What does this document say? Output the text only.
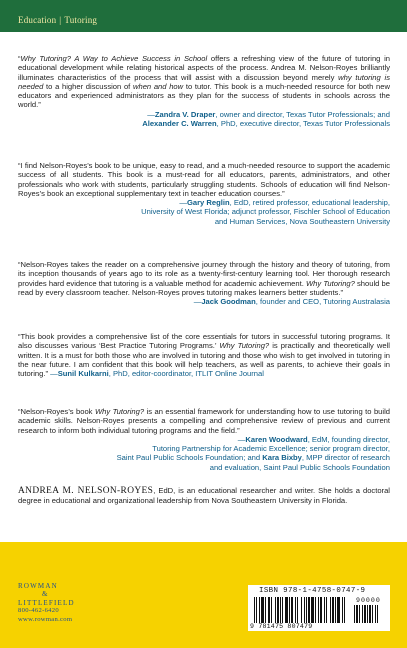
Education | Tutoring

“Why Tutoring? A Way to Achieve Success in School offers a refreshing view of the future of tutoring in educational development while relating historical aspects of the process. Andrea M. Nelson-Royes brilliantly illuminates characteristics of the process that will assist with a discussion beyond merely why tutoring is needed to a higher discussion of when and how to tutor. This book is a much-needed resource for both new educators and experienced administrators as they plan for the success of students in schools across the world.”

—Zandra V. Draper, owner and director, Texas Tutor Professionals; and
Alexander C. Warren, PhD, executive director, Texas Tutor Professionals

“I find Nelson-Royes’s book to be unique, easy to read, and a much-needed resource to support the academic success of all students. This book is a must-read for all educators, parents, administrators, and other professionals who work with students, particularly struggling students. Schools of education will find Nelson-Royes’s book an exceptional supplementary text in teacher education courses.”

—Gary Reglin, EdD, retired professor, educational leadership,
University of West Florida; adjunct professor, Fischler School of Education
and Human Services, Nova Southeastern University

“Nelson-Royes takes the reader on a comprehensive journey through the history and theory of tutoring, from its inception thousands of years ago to its role as a twenty-first-century learning tool. Her thorough research provides hard evidence that tutoring is a valuable method for academic achievement. Why Tutoring? should be read by every classroom teacher. Nelson-Royes proves tutoring makes learners better students.”

—Jack Goodman, founder and CEO, Tutoring Australasia

“This book provides a comprehensive list of the core essentials for tutors in successful tutoring programs. It also discusses various ‘Best Practice Tutoring Programs.’ Why Tutoring? is practically and theoretically well written. It is a must for both those who are involved in tutoring and those who wish to get involved in tutoring in the near future. I am confident that this book will help teachers, as well as parents, to achieve their goals in tutoring.” —Sunil Kulkarni, PhD, editor-coordinator, ITLIT Online Journal

“Nelson-Royes’s book Why Tutoring? is an essential framework for understanding how to use tutoring to build academic skills. Nelson-Royes presents a compelling and comprehensive review of previous and current research to inform both individual tutoring programs and the field.”

—Karen Woodward, EdM, founding director,
Tutoring Partnership for Academic Excellence; senior program director,
Saint Paul Public Schools Foundation; and Kara Bixby, MPP director of research
and evaluation, Saint Paul Public Schools Foundation
ANDREA M. NELSON-ROYES, EdD, is an educational researcher and writer. She holds a doctoral degree in educational and organizational leadership from Nova Southeastern University in Florida.
ROWMAN
&
LITTLEFIELD
800-462-6420
www.rowman.com
ISBN 978-1-4758-0747-9
90000
9 781475 807479
